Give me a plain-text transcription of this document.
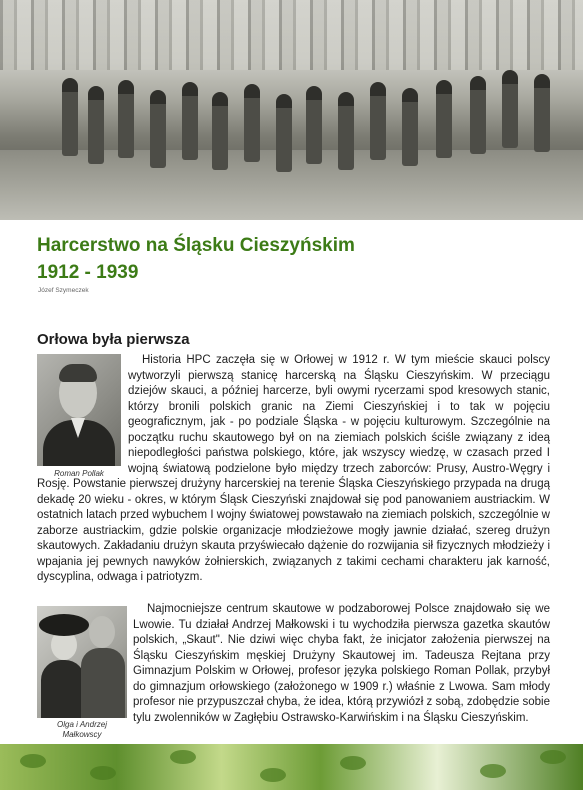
Harcerstwo na Śląsku Cieszyńskim
1912 - 1939
Józef Szymeczek
Orłowa była pierwsza
Roman Pollak

Historia HPC zaczęła się w Orłowej w 1912 r. W tym mieście skauci polscy wytworzyli pierwszą stanicę harcerską na Śląsku Cieszyńskim. W przeciągu dziejów skauci, a później harcerze, byli owymi rycerzami spod kresowych stanic, którzy bronili polskich granic na Ziemi Cieszyńskiej i to tak w pojęciu geograficznym, jak - po podziale Śląska - w pojęciu kulturowym. Szczególnie na początku ruchu skautowego był on na ziemiach polskich ściśle związany z ideą niepodległości państwa polskiego, które, jak wszyscy wiedzę, w czasach przed I wojną światową podzielone było między trzech zaborców: Prusy, Austro-Węgry i Rosję. Powstanie pierwszej drużyny harcerskiej na terenie Śląska Cieszyńskiego przypada na drugą dekadę 20 wieku - okres, w którym Śląsk Cieszyński znajdował się pod panowaniem austriackim. W ostatnich latach przed wybuchem I wojny światowej powstawało na ziemiach polskich, szczególnie w zaborze austriackim, gdzie polskie organizacje młodzieżowe mogły jawnie działać, szereg drużyn skautowych. Zakładaniu drużyn skauta przyświecało dążenie do rozwijania sił fizycznych młodzieży i wpajania jej pewnych nawyków żołnierskich, związanych z takimi cechami charakteru jak karność, dyscyplina, odwaga i patriotyzm.

Olga i Andrzej
Małkowscy

Najmocniejsze centrum skautowe w podzaborowej Polsce znajdowało się we Lwowie. Tu działał Andrzej Małkowski i tu wychodziła pierwsza gazetka skautów polskich, „Skaut". Nie dziwi więc chyba fakt, że inicjator założenia pierwszej na Śląsku Cieszyńskim męskiej Drużyny Skautowej im. Tadeusza Rejtana przy Gimnazjum Polskim w Orłowej, profesor języka polskiego Roman Pollak, przybył do gimnazjum orłowskiego (założonego w 1909 r.) właśnie z Lwowa. Sam młody profesor nie przypuszczał chyba, że idea, którą przywiózł z sobą, zdobędzie sobie tylu zwolenników w Zagłębiu Ostrawsko-Karwińskim i na Śląsku Cieszyńskim.
